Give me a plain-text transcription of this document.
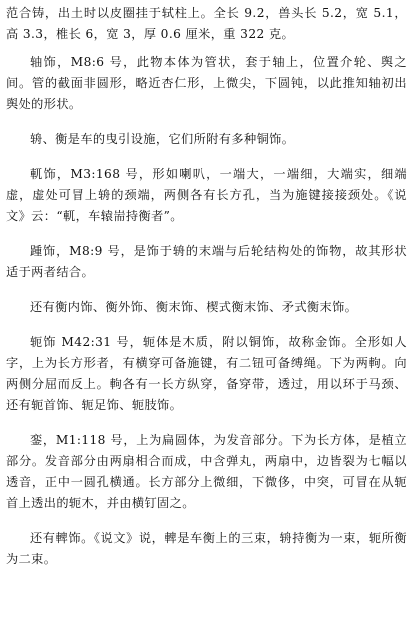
范合铸，出土时以皮圈挂于轼柱上。全长 9.2，兽头长 5.2，宽 5.1，高 3.3，椎长 6，宽 3，厚 0.6 厘米，重 322 克。

轴饰，M8:6 号，此物本体为管状，套于轴上，位置介轮、舆之间。管的截面非圆形，略近杏仁形，上微尖，下圆钝，以此推知轴初出舆处的形状。

辀、衡是车的曳引设施，它们所附有多种铜饰。

軏饰，M3:168 号，形如喇叭，一端大，一端细，大端实，细端虚，虚处可冒上辀的颈端，两侧各有长方孔，当为施键接接颈处。《说文》云：“軏，车辕耑持衡者”。

踵饰，M8:9 号，是饰于辀的末端与后轮结构处的饰物，故其形状适于两者结合。

还有衡内饰、衡外饰、衡末饰、楔式衡末饰、矛式衡末饰。

轭饰 M42:31 号，轭体是木质，附以铜饰，故称金饰。全形如人字，上为长方形者，有横穿可备施键，有二钮可备缚绳。下为两軥。向两侧分屈而反上。軥各有一长方纵穿，备穿带，透过，用以环于马颈、还有轭首饰、轭足饰、轭肢饰。

銮，M1:118 号，上为扁圆体，为发音部分。下为长方体，是植立部分。发音部分由两扇相合而成，中含弹丸，两扇中，边皆裂为七幅以透音，正中一圆孔横通。长方部分上微细，下微侈，中突，可冒在从轭首上透出的轭木，并由横钉固之。

还有䡟饰。《说文》说，䡟是车衡上的三束，辀持衡为一束，轭所衡为二束。
